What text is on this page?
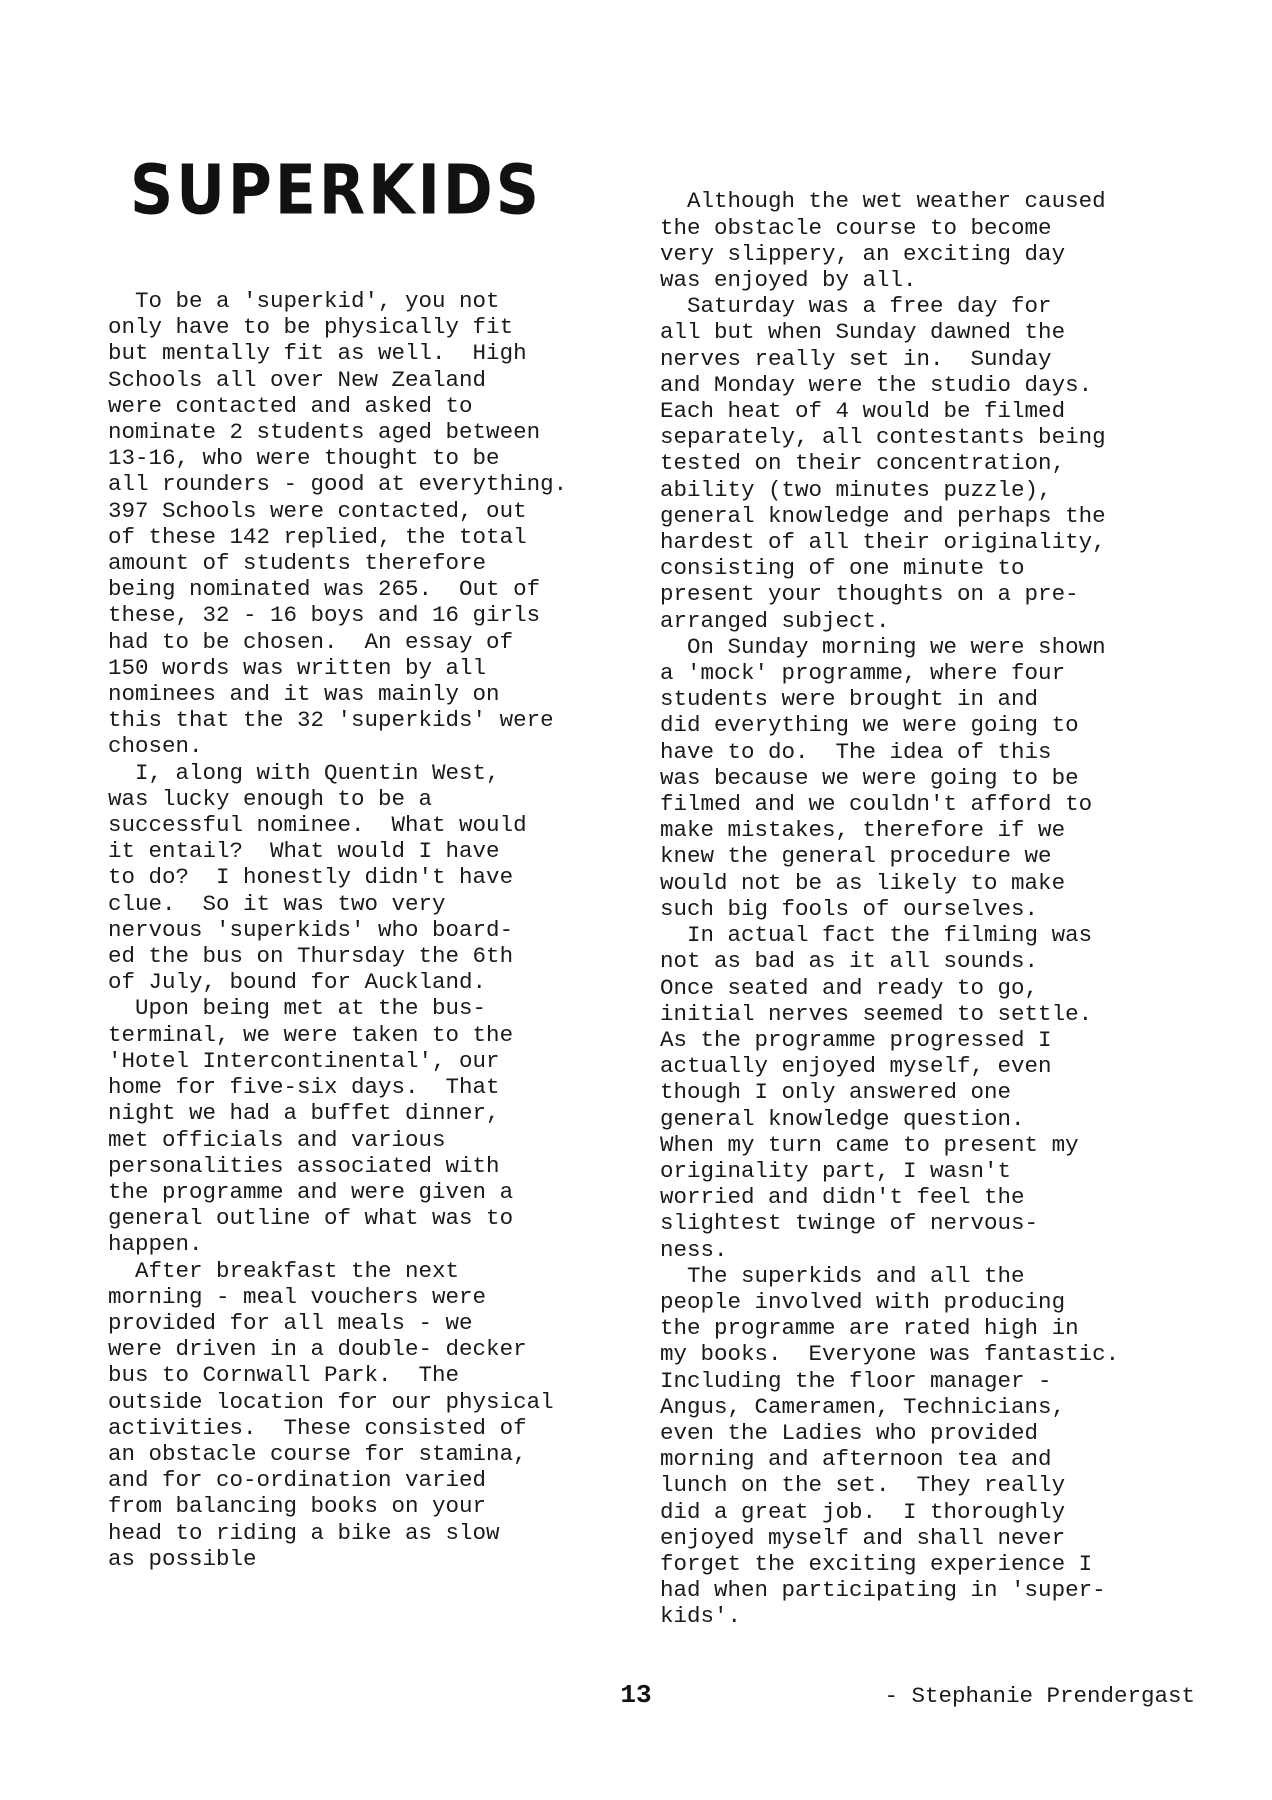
SUPERKIDS
To be a 'superkid', you not
only have to be physically fit
but mentally fit as well.  High
Schools all over New Zealand
were contacted and asked to
nominate 2 students aged between
13-16, who were thought to be
all rounders - good at everything.
397 Schools were contacted, out
of these 142 replied, the total
amount of students therefore
being nominated was 265.  Out of
these, 32 - 16 boys and 16 girls
had to be chosen.  An essay of
150 words was written by all
nominees and it was mainly on
this that the 32 'superkids' were
chosen.
I, along with Quentin West,
was lucky enough to be a
successful nominee.  What would
it entail?  What would I have
to do?  I honestly didn't have
clue.  So it was two very
nervous 'superkids' who board-
ed the bus on Thursday the 6th
of July, bound for Auckland.
Upon being met at the bus-
terminal, we were taken to the
'Hotel Intercontinental', our
home for five-six days.  That
night we had a buffet dinner,
met officials and various
personalities associated with
the programme and were given a
general outline of what was to
happen.
After breakfast the next
morning - meal vouchers were
provided for all meals - we
were driven in a double- decker
bus to Cornwall Park.  The
outside location for our physical
activities.  These consisted of
an obstacle course for stamina,
and for co-ordination varied
from balancing books on your
head to riding a bike as slow
as possible

Although the wet weather caused
the obstacle course to become
very slippery, an exciting day
was enjoyed by all.
Saturday was a free day for
all but when Sunday dawned the
nerves really set in.  Sunday
and Monday were the studio days.
Each heat of 4 would be filmed
separately, all contestants being
tested on their concentration,
ability (two minutes puzzle),
general knowledge and perhaps the
hardest of all their originality,
consisting of one minute to
present your thoughts on a pre-
arranged subject.
On Sunday morning we were shown
a 'mock' programme, where four
students were brought in and
did everything we were going to
have to do.  The idea of this
was because we were going to be
filmed and we couldn't afford to
make mistakes, therefore if we
knew the general procedure we
would not be as likely to make
such big fools of ourselves.
In actual fact the filming was
not as bad as it all sounds.
Once seated and ready to go,
initial nerves seemed to settle.
As the programme progressed I
actually enjoyed myself, even
though I only answered one
general knowledge question.
When my turn came to present my
originality part, I wasn't
worried and didn't feel the
slightest twinge of nervous-
ness.
The superkids and all the
people involved with producing
the programme are rated high in
my books.  Everyone was fantastic.
Including the floor manager -
Angus, Cameramen, Technicians,
even the Ladies who provided
morning and afternoon tea and
lunch on the set.  They really
did a great job.  I thoroughly
enjoyed myself and shall never
forget the exciting experience I
had when participating in 'super-
kids'.

- Stephanie Prendergast

13
